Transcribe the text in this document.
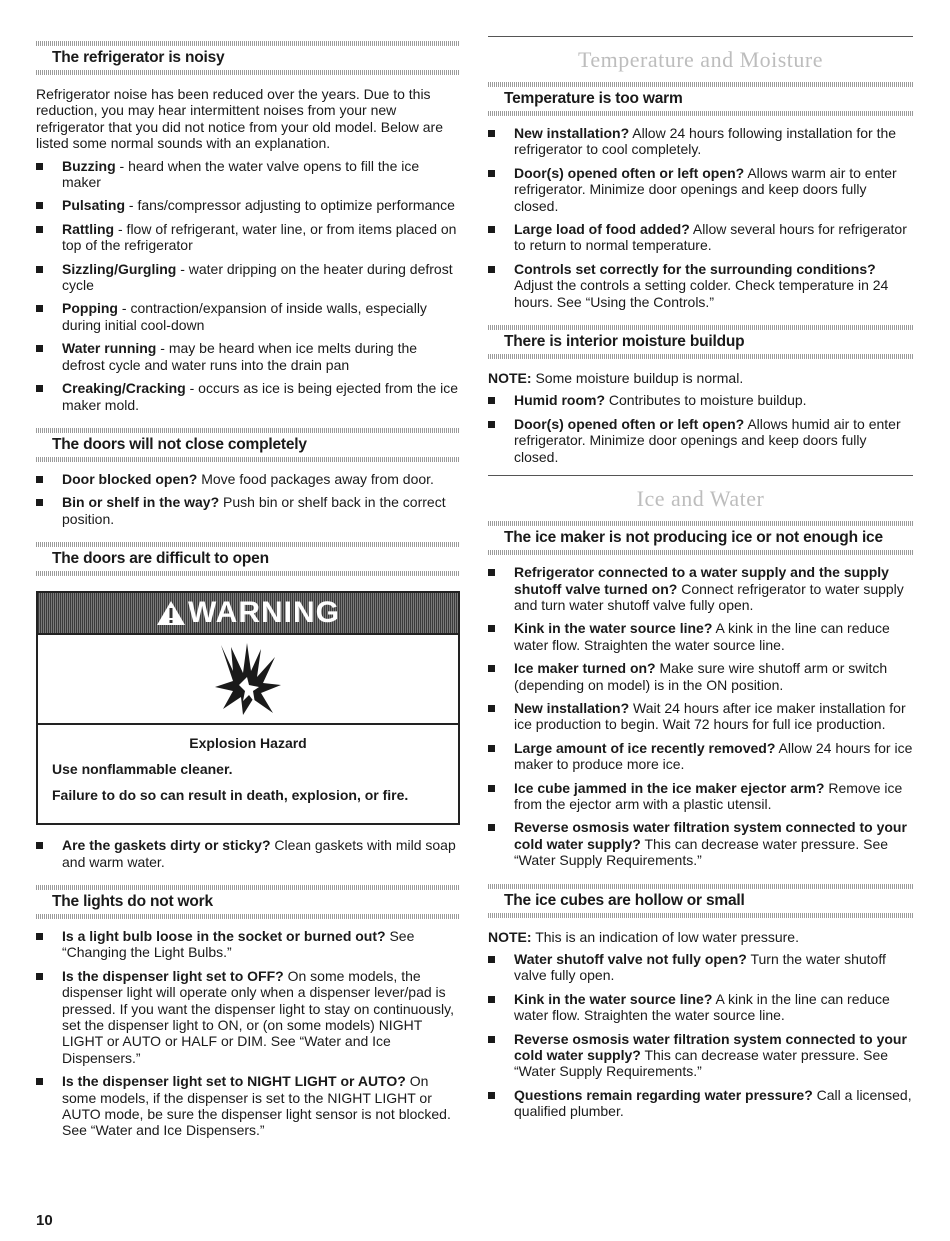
The refrigerator is noisy

Refrigerator noise has been reduced over the years. Due to this reduction, you may hear intermittent noises from your new refrigerator that you did not notice from your old model. Below are listed some normal sounds with an explanation.

Buzzing - heard when the water valve opens to fill the ice maker
Pulsating - fans/compressor adjusting to optimize performance
Rattling - flow of refrigerant, water line, or from items placed on top of the refrigerator
Sizzling/Gurgling - water dripping on the heater during defrost cycle
Popping - contraction/expansion of inside walls, especially during initial cool-down
Water running - may be heard when ice melts during the defrost cycle and water runs into the drain pan
Creaking/Cracking - occurs as ice is being ejected from the ice maker mold.
The doors will not close completely
Door blocked open? Move food packages away from door.
Bin or shelf in the way? Push bin or shelf back in the correct position.
The doors are difficult to open
WARNING
Explosion Hazard
Use nonflammable cleaner.
Failure to do so can result in death, explosion, or fire.
Are the gaskets dirty or sticky? Clean gaskets with mild soap and warm water.
The lights do not work
Is a light bulb loose in the socket or burned out? See “Changing the Light Bulbs.”
Is the dispenser light set to OFF? On some models, the dispenser light will operate only when a dispenser lever/pad is pressed. If you want the dispenser light to stay on continuously, set the dispenser light to ON, or (on some models) NIGHT LIGHT or AUTO or HALF or DIM. See “Water and Ice Dispensers.”
Is the dispenser light set to NIGHT LIGHT or AUTO? On some models, if the dispenser is set to the NIGHT LIGHT or AUTO mode, be sure the dispenser light sensor is not blocked. See “Water and Ice Dispensers.”
Temperature and Moisture
Temperature is too warm
New installation? Allow 24 hours following installation for the refrigerator to cool completely.
Door(s) opened often or left open? Allows warm air to enter refrigerator. Minimize door openings and keep doors fully closed.
Large load of food added? Allow several hours for refrigerator to return to normal temperature.
Controls set correctly for the surrounding conditions? Adjust the controls a setting colder. Check temperature in 24 hours. See “Using the Controls.”
There is interior moisture buildup

NOTE: Some moisture buildup is normal.

Humid room? Contributes to moisture buildup.
Door(s) opened often or left open? Allows humid air to enter refrigerator. Minimize door openings and keep doors fully closed.
Ice and Water
The ice maker is not producing ice or not enough ice
Refrigerator connected to a water supply and the supply shutoff valve turned on? Connect refrigerator to water supply and turn water shutoff valve fully open.
Kink in the water source line? A kink in the line can reduce water flow. Straighten the water source line.
Ice maker turned on? Make sure wire shutoff arm or switch (depending on model) is in the ON position.
New installation? Wait 24 hours after ice maker installation for ice production to begin. Wait 72 hours for full ice production.
Large amount of ice recently removed? Allow 24 hours for ice maker to produce more ice.
Ice cube jammed in the ice maker ejector arm? Remove ice from the ejector arm with a plastic utensil.
Reverse osmosis water filtration system connected to your cold water supply? This can decrease water pressure. See “Water Supply Requirements.”
The ice cubes are hollow or small

NOTE: This is an indication of low water pressure.

Water shutoff valve not fully open? Turn the water shutoff valve fully open.
Kink in the water source line? A kink in the line can reduce water flow. Straighten the water source line.
Reverse osmosis water filtration system connected to your cold water supply? This can decrease water pressure. See “Water Supply Requirements.”
Questions remain regarding water pressure? Call a licensed, qualified plumber.
10
